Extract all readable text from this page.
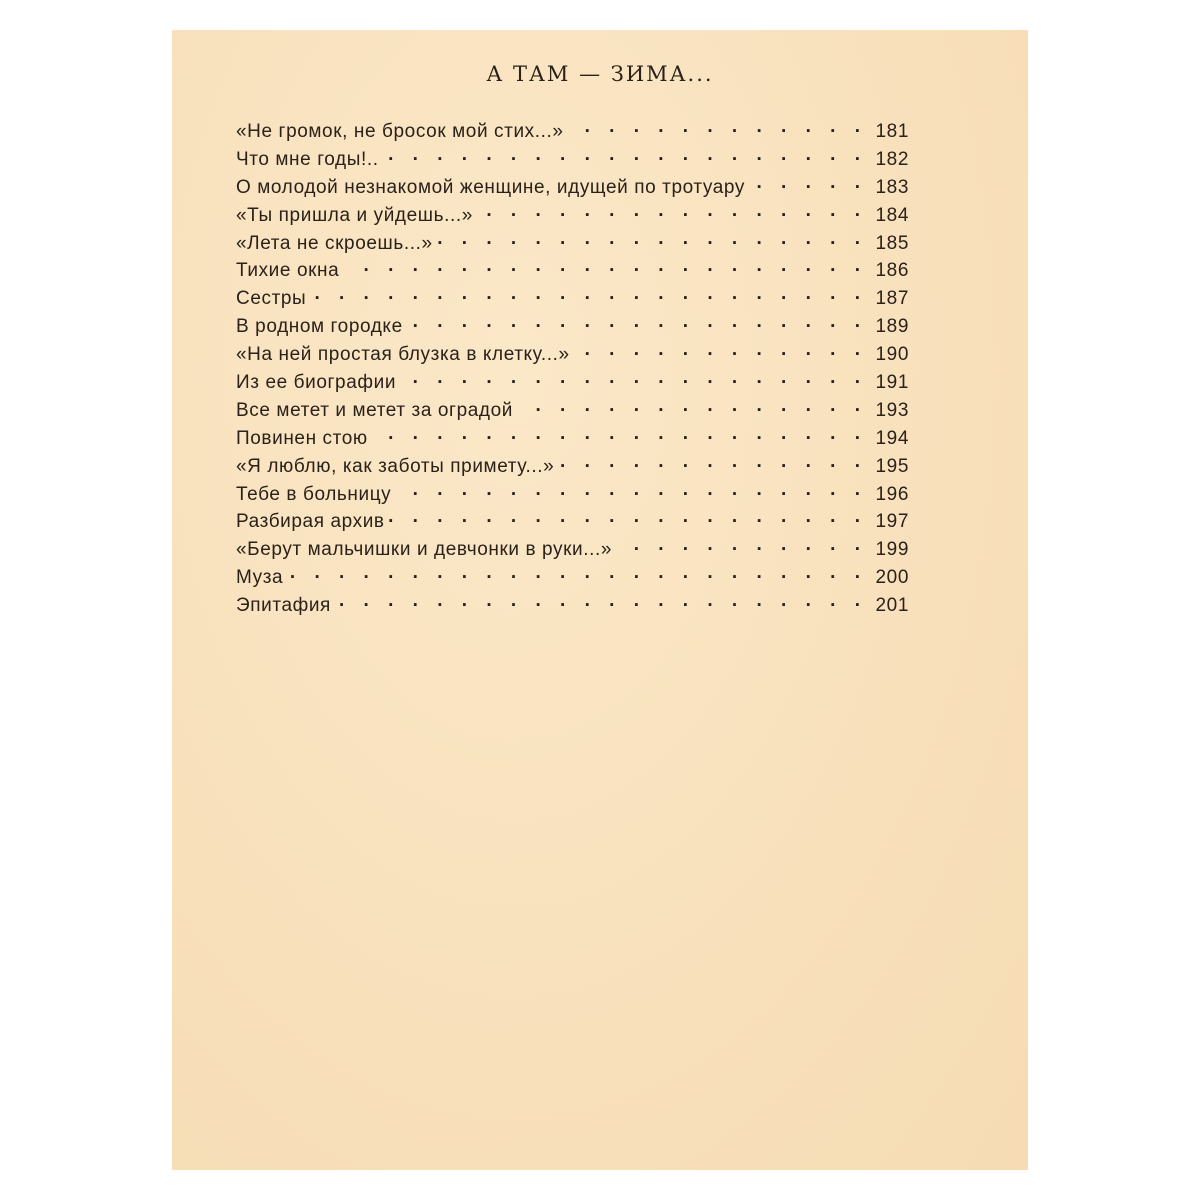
А ТАМ — ЗИМА...
«Не громок, не бросок мой стих...» . . .	181
Что мне годы!.. . . .	182
О молодой незнакомой женщине, идущей по тротуару . . .	183
«Ты пришла и уйдешь...» . . .	184
«Лета не скроешь...» . . .	185
Тихие окна . . .	186
Сестры . . .	187
В родном городке . . .	189
«На ней простая блузка в клетку...» . . .	190
Из ее биографии . . .	191
Все метет и метет за оградой . . .	193
Повинен стою . . .	194
«Я люблю, как заботы примету...» . . .	195
Тебе в больницу . . .	196
Разбирая архив . . .	197
«Берут мальчишки и девчонки в руки...» . . .	199
Муза . . .	200
Эпитафия . . .	201
